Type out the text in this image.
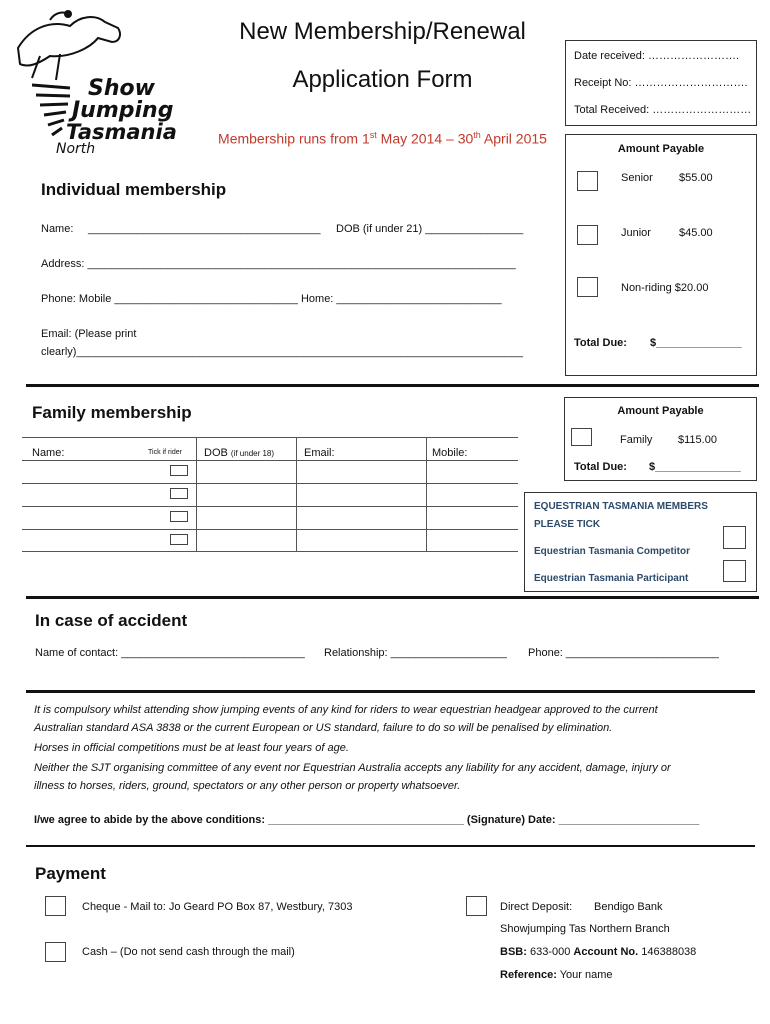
Show
Jumping
Tasmania
North
New Membership/Renewal
Application Form
Membership runs from 1st May 2014 – 30th April 2015
Date received: …………………….
Receipt No: ………………………….
Total Received: ………………………
Amount Payable
Senior $55.00
Junior	$45.00
Non-riding $20.00
Total Due: $______________
Individual membership
Name: ______________________________________ DOB (if under 21) ________________
Address: ______________________________________________________________________
Phone: Mobile ______________________________ Home: ___________________________
Email: (Please print
clearly)_________________________________________________________________________
Family membership
Name:	Tick if rider DOB (if under 18)	Email:	Mobile:
Amount Payable
Family $115.00
Total Due: $______________
EQUESTRIAN TASMANIA MEMBERS
PLEASE TICK
Equestrian Tasmania Competitor
Equestrian Tasmania Participant
In case of accident
Name of contact: ______________________________ Relationship: ___________________ Phone: _________________________
It is compulsory whilst attending show jumping events of any kind for riders to wear equestrian headgear approved to the current
Australian standard ASA 3838 or the current European or US standard, failure to do so will be penalised by elimination.
Horses in official competitions must be at least four years of age.
Neither the SJT organising committee of any event nor Equestrian Australia accepts any liability for any accident, damage, injury or
illness to horses, riders, ground, spectators or any other person or property whatsoever.
I/we agree to abide by the above conditions: ________________________________ (Signature) Date: _______________________
Payment
Cheque - Mail to: Jo Geard PO Box 87, Westbury, 7303
Cash – (Do not send cash through the mail)
Direct Deposit: Bendigo Bank
Showjumping Tas Northern Branch
BSB: 633-000 Account No. 146388038
Reference: Your name
